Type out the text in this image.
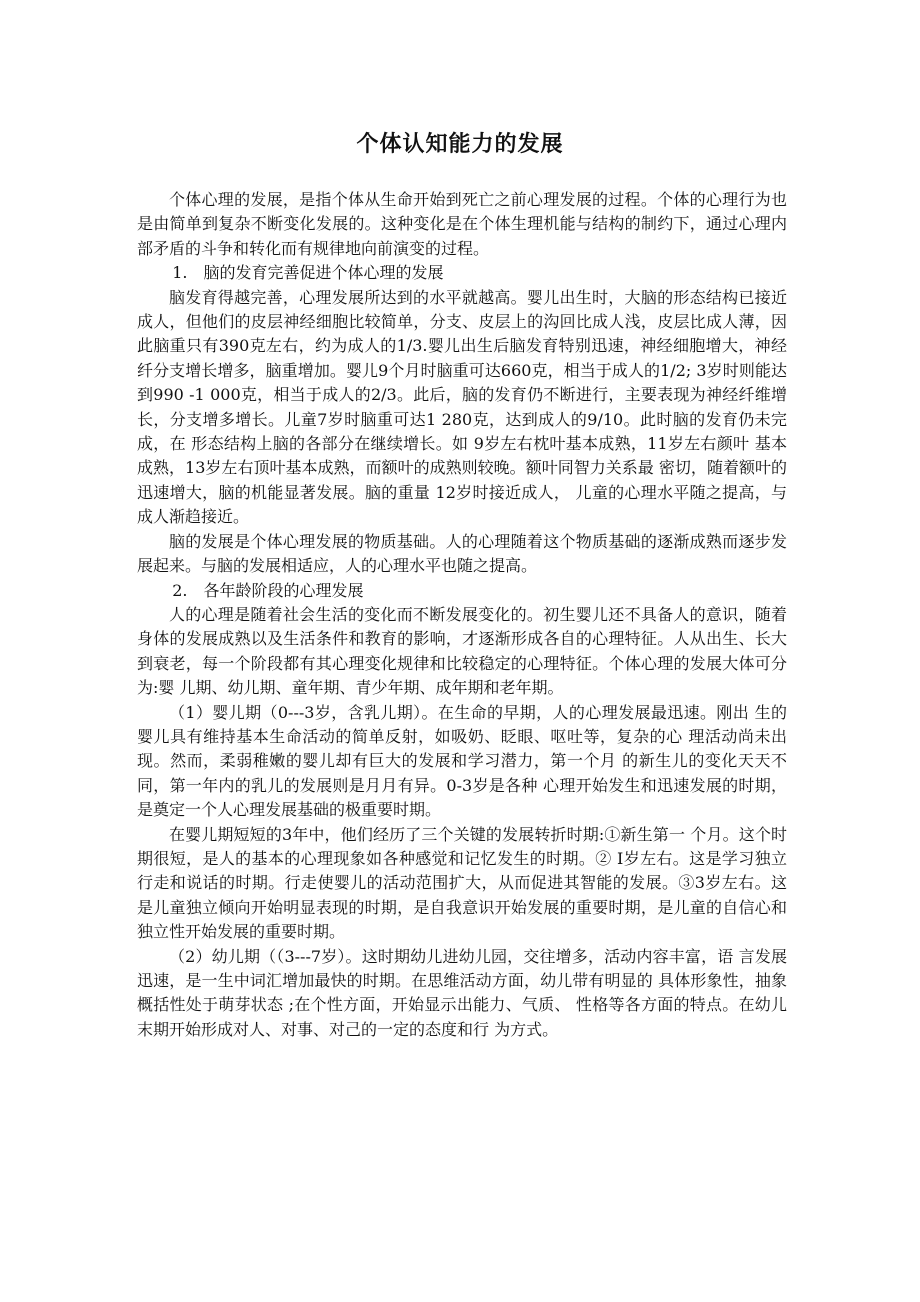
个体认知能力的发展

个体心理的发展，是指个体从生命开始到死亡之前心理发展的过程。个体的心理行为也是由简单到复杂不断变化发展的。这种变化是在个体生理机能与结构的制约下，通过心理内部矛盾的斗争和转化而有规律地向前演变的过程。

1.　脑的发育完善促进个体心理的发展

脑发育得越完善，心理发展所达到的水平就越高。婴儿出生时，大脑的形态结构已接近成人，但他们的皮层神经细胞比较简单，分支、皮层上的沟回比成人浅，皮层比成人薄，因此脑重只有390克左右，约为成人的1/3.婴儿出生后脑发育特别迅速，神经细胞增大，神经纤分支增长增多，脑重增加。婴儿9个月时脑重可达660克，相当于成人的1/2; 3岁时则能达到990 -1 000克，相当于成人的2/3。此后，脑的发育仍不断进行，主要表现为神经纤维增长，分支增多增长。儿童7岁时脑重可达1 280克，达到成人的9/10。此时脑的发育仍未完成，在 形态结构上脑的各部分在继续增长。如 9岁左右枕叶基本成熟，11岁左右颜叶 基本成熟，13岁左右顶叶基本成熟，而额叶的成熟则较晚。额叶同智力关系最 密切，随着额叶的迅速增大，脑的机能显著发展。脑的重量 12岁时接近成人， 儿童的心理水平随之提高，与成人渐趋接近。

脑的发展是个体心理发展的物质基础。人的心理随着这个物质基础的逐渐成熟而逐步发展起来。与脑的发展相适应，人的心理水平也随之提高。

2.　各年龄阶段的心理发展

人的心理是随着社会生活的变化而不断发展变化的。初生婴儿还不具备人的意识，随着身体的发展成熟以及生活条件和教育的影响，才逐渐形成各自的心理特征。人从出生、长大到衰老，每一个阶段都有其心理变化规律和比较稳定的心理特征。个体心理的发展大体可分为:婴 儿期、幼儿期、童年期、青少年期、成年期和老年期。

（1）婴儿期（0---3岁，含乳儿期）。在生命的早期，人的心理发展最迅速。刚出 生的婴儿具有维持基本生命活动的简单反射，如吸奶、眨眼、呕吐等，复杂的心 理活动尚未出现。然而，柔弱稚嫩的婴儿却有巨大的发展和学习潜力，第一个月 的新生儿的变化天天不同，第一年内的乳儿的发展则是月月有异。0-3岁是各种 心理开始发生和迅速发展的时期，是奠定一个人心理发展基础的极重要时期。

在婴儿期短短的3年中，他们经历了三个关键的发展转折时期:①新生第一 个月。这个时期很短，是人的基本的心理现象如各种感觉和记忆发生的时期。② I岁左右。这是学习独立行走和说话的时期。行走使婴儿的活动范围扩大，从而促进其智能的发展。③3岁左右。这是儿童独立倾向开始明显表现的时期，是自我意识开始发展的重要时期，是儿童的自信心和独立性开始发展的重要时期。

（2）幼儿期（（3---7岁）。这时期幼儿进幼儿园，交往增多，活动内容丰富，语 言发展迅速，是一生中词汇增加最快的时期。在思维活动方面，幼儿带有明显的 具体形象性，抽象概括性处于萌芽状态 ;在个性方面，开始显示出能力、气质、 性格等各方面的特点。在幼儿末期开始形成对人、对事、对己的一定的态度和行 为方式。
